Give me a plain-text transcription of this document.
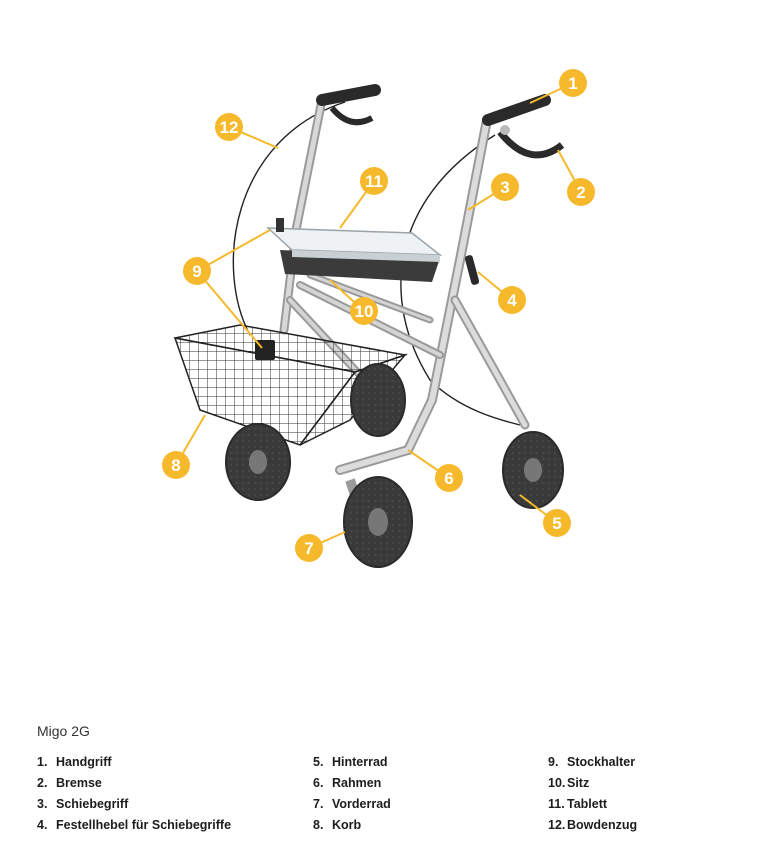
1
2
3
4
5
6
7
8
9
10
11
12
Migo 2G
1. Handgriff
2. Bremse
3. Schiebegriff
4. Festellhebel für Schiebegriffe
5. Hinterrad
6. Rahmen
7. Vorderrad
8. Korb
9. Stockhalter
10. Sitz
11. Tablett
12. Bowdenzug
